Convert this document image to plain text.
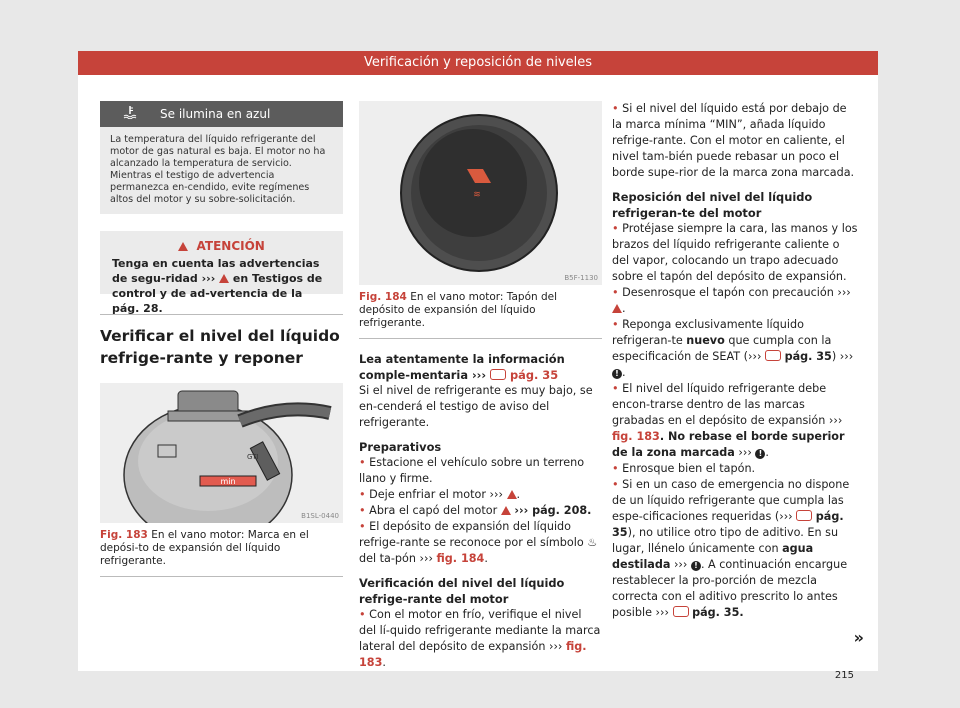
Verificación y reposición de niveles
Se ilumina en azul

La temperatura del líquido refrigerante del motor de gas natural es baja. El motor no ha alcanzado la temperatura de servicio.

Mientras el testigo de advertencia permanezca en-cendido, evite regímenes altos del motor y su sobre-solicitación.

ATENCIÓN
Tenga en cuenta las advertencias de segu-ridad ›››  en Testigos de control y de ad-vertencia de la pág. 28.
Verificar el nivel del líquido refrige-rante y reponer
min
GTI
B1SL-0440
Fig. 183 En el vano motor: Marca en el depósi-to de expansión del líquido refrigerante.
≋
B5F-1130
Fig. 184 En el vano motor: Tapón del depósito de expansión del líquido refrigerante.

Lea atentamente la información comple-mentaria ›››  pág. 35

Si el nivel de refrigerante es muy bajo, se en-cenderá el testigo de aviso del refrigerante.

Preparativos

• Estacione el vehículo sobre un terreno llano y firme.

• Deje enfriar el motor ››› .

• Abra el capó del motor  ››› pág. 208.

• El depósito de expansión del líquido refrige-rante se reconoce por el símbolo ♨ del ta-pón ››› fig. 184.

Verificación del nivel del líquido refrige-rante del motor

• Con el motor en frío, verifique el nivel del lí-quido refrigerante mediante la marca lateral del depósito de expansión ››› fig. 183.

• Si el nivel del líquido está por debajo de la marca mínima “MIN”, añada líquido refrige-rante. Con el motor en caliente, el nivel tam-bién puede rebasar un poco el borde supe-rior de la marca zona marcada.

Reposición del nivel del líquido refrigeran-te del motor

• Protéjase siempre la cara, las manos y los brazos del líquido refrigerante caliente o del vapor, colocando un trapo adecuado sobre el tapón del depósito de expansión.

• Desenrosque el tapón con precaución ››› .

• Reponga exclusivamente líquido refrigeran-te nuevo que cumpla con la especificación de SEAT (›››  pág. 35) ››› ! .

• El nivel del líquido refrigerante debe encon-trarse dentro de las marcas grabadas en el depósito de expansión ››› fig. 183. No rebase el borde superior de la zona marcada ››› ! .

• Enrosque bien el tapón.

• Si en un caso de emergencia no dispone de un líquido refrigerante que cumpla las espe-cificaciones requeridas (›››  pág. 35), no utilice otro tipo de aditivo. En su lugar, llénelo únicamente con agua destilada ››› ! . A continuación encargue restablecer la pro-porción de mezcla correcta con el aditivo prescrito lo antes posible ›››  pág. 35.

»
215
